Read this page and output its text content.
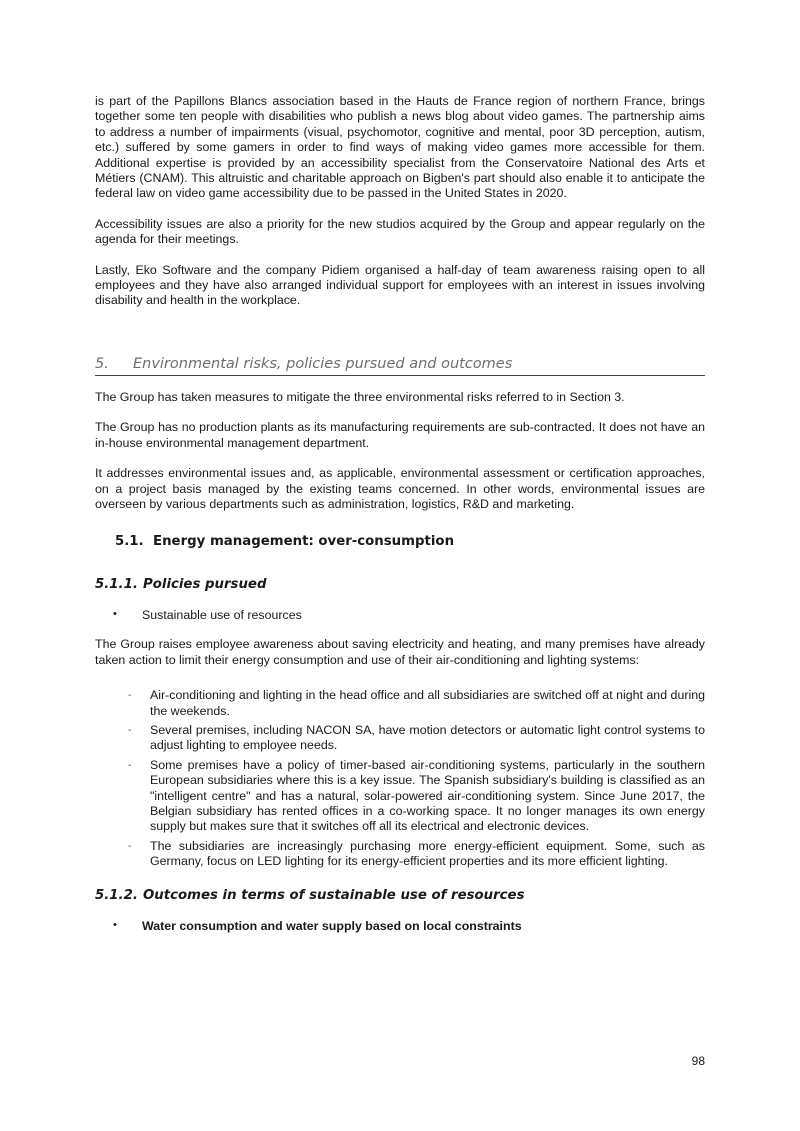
is part of the Papillons Blancs association based in the Hauts de France region of northern France, brings together some ten people with disabilities who publish a news blog about video games. The partnership aims to address a number of impairments (visual, psychomotor, cognitive and mental, poor 3D perception, autism, etc.) suffered by some gamers in order to find ways of making video games more accessible for them. Additional expertise is provided by an accessibility specialist from the Conservatoire National des Arts et Métiers (CNAM). This altruistic and charitable approach on Bigben's part should also enable it to anticipate the federal law on video game accessibility due to be passed in the United States in 2020.

Accessibility issues are also a priority for the new studios acquired by the Group and appear regularly on the agenda for their meetings.

Lastly, Eko Software and the company Pidiem organised a half-day of team awareness raising open to all employees and they have also arranged individual support for employees with an interest in issues involving disability and health in the workplace.

5.	Environmental risks, policies pursued and outcomes

The Group has taken measures to mitigate the three environmental risks referred to in Section 3.

The Group has no production plants as its manufacturing requirements are sub-contracted. It does not have an in-house environmental management department.

It addresses environmental issues and, as applicable, environmental assessment or certification approaches, on a project basis managed by the existing teams concerned. In other words, environmental issues are overseen by various departments such as administration, logistics, R&D and marketing.

5.1. Energy management: over-consumption
5.1.1. Policies pursued
•	Sustainable use of resources

The Group raises employee awareness about saving electricity and heating, and many premises have already taken action to limit their energy consumption and use of their air-conditioning and lighting systems:

-	Air-conditioning and lighting in the head office and all subsidiaries are switched off at night and during the weekends.
-	Several premises, including NACON SA, have motion detectors or automatic light control systems to adjust lighting to employee needs.
-	Some premises have a policy of timer-based air-conditioning systems, particularly in the southern European subsidiaries where this is a key issue. The Spanish subsidiary's building is classified as an "intelligent centre" and has a natural, solar-powered air-conditioning system. Since June 2017, the Belgian subsidiary has rented offices in a co-working space. It no longer manages its own energy supply but makes sure that it switches off all its electrical and electronic devices.
-	The subsidiaries are increasingly purchasing more energy-efficient equipment. Some, such as Germany, focus on LED lighting for its energy-efficient properties and its more efficient lighting.
5.1.2. Outcomes in terms of sustainable use of resources
•	Water consumption and water supply based on local constraints
98
